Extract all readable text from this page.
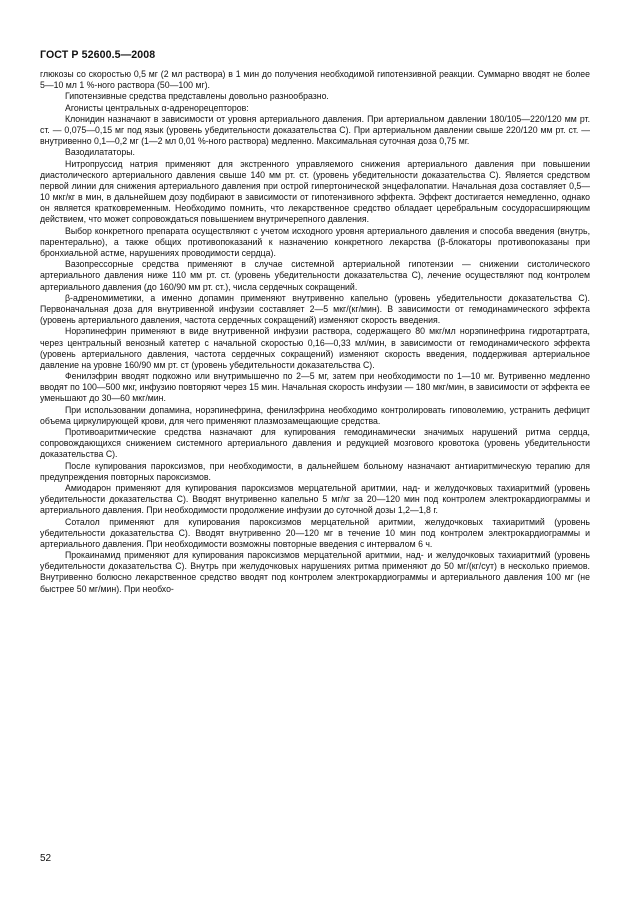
ГОСТ Р 52600.5—2008

глюкозы со скоростью 0,5 мг (2 мл раствора) в 1 мин до получения необходимой гипотензивной реакции. Суммарно вводят не более 5—10 мл 1 %-ного раствора (50—100 мг).

Гипотензивные средства представлены довольно разнообразно.

Агонисты центральных α-адренорецепторов:

Клонидин назначают в зависимости от уровня артериального давления. При артериальном давлении 180/105—220/120 мм рт. ст. — 0,075—0,15 мг под язык (уровень убедительности доказательства С). При артериальном давлении свыше 220/120 мм рт. ст. — внутривенно 0,1—0,2 мг (1—2 мл 0,01 %-ного раствора) медленно. Максимальная суточная доза 0,75 мг.

Вазодилататоры.

Нитропруссид натрия применяют для экстренного управляемого снижения артериального давления при повышении диастолического артериального давления свыше 140 мм рт. ст. (уровень убедительности доказательства С). Является средством первой линии для снижения артериального давления при острой гипертонической энцефалопатии. Начальная доза составляет 0,5—10 мкг/кг в мин, в дальнейшем дозу подбирают в зависимости от гипотензивного эффекта. Эффект достигается немедленно, однако он является кратковременным. Необходимо помнить, что лекарственное средство обладает церебральным сосудорасширяющим действием, что может сопровождаться повышением внутричерепного давления.

Выбор конкретного препарата осуществляют с учетом исходного уровня артериального давления и способа введения (внутрь, парентерально), а также общих противопоказаний к назначению конкретного лекарства (β-блокаторы противопоказаны при бронхиальной астме, нарушениях проводимости сердца).

Вазопрессорные средства применяют в случае системной артериальной гипотензии — снижении систолического артериального давления ниже 110 мм рт. ст. (уровень убедительности доказательства С), лечение осуществляют под контролем артериального давления (до 160/90 мм рт. ст.), числа сердечных сокращений.

β-адреномиметики, а именно допамин применяют внутривенно капельно (уровень убедительности доказательства С). Первоначальная доза для внутривенной инфузии составляет 2—5 мкг/(кг/мин). В зависимости от гемодинамического эффекта (уровень артериального давления, частота сердечных сокращений) изменяют скорость введения.

Норэпинефрин применяют в виде внутривенной инфузии раствора, содержащего 80 мкг/мл норэпинефрина гидротартрата, через центральный венозный катетер с начальной скоростью 0,16—0,33 мл/мин, в зависимости от гемодинамического эффекта (уровень артериального давления, частота сердечных сокращений) изменяют скорость введения, поддерживая артериальное давление на уровне 160/90 мм рт. ст (уровень убедительности доказательства С).

Фенилэфрин вводят подкожно или внутримышечно по 2—5 мг, затем при необходимости по 1—10 мг. Вутривенно медленно вводят по 100—500 мкг, инфузию повторяют через 15 мин. Начальная скорость инфузии — 180 мкг/мин, в зависимости от эффекта ее уменьшают до 30—60 мкг/мин.

При использовании допамина, норэпинефрина, фенилэфрина необходимо контролировать гиповолемию, устранить дефицит объема циркулирующей крови, для чего применяют плазмозамещающие средства.

Противоаритмические средства назначают для купирования гемодинамически значимых нарушений ритма сердца, сопровождающихся снижением системного артериального давления и редукцией мозгового кровотока (уровень убедительности доказательства С).

После купирования пароксизмов, при необходимости, в дальнейшем больному назначают антиаритмическую терапию для предупреждения повторных пароксизмов.

Амиодарон применяют для купирования пароксизмов мерцательной аритмии, над- и желудочковых тахиаритмий (уровень убедительности доказательства С). Вводят внутривенно капельно 5 мг/кг за 20—120 мин под контролем электрокардиограммы и артериального давления. При необходимости продолжение инфузии до суточной дозы 1,2—1,8 г.

Соталол применяют для купирования пароксизмов мерцательной аритмии, желудочковых тахиаритмий (уровень убедительности доказательства С). Вводят внутривенно 20—120 мг в течение 10 мин под контролем электрокардиограммы и артериального давления. При необходимости возможны повторные введения с интервалом 6 ч.

Прокаинамид применяют для купирования пароксизмов мерцательной аритмии, над- и желудочковых тахиаритмий (уровень убедительности доказательства С). Внутрь при желудочковых нарушениях ритма применяют до 50 мг/(кг/сут) в несколько приемов. Внутривенно болюсно лекарственное средство вводят под контролем электрокардиограммы и артериального давления 100 мг (не быстрее 50 мг/мин). При необхо-

52
